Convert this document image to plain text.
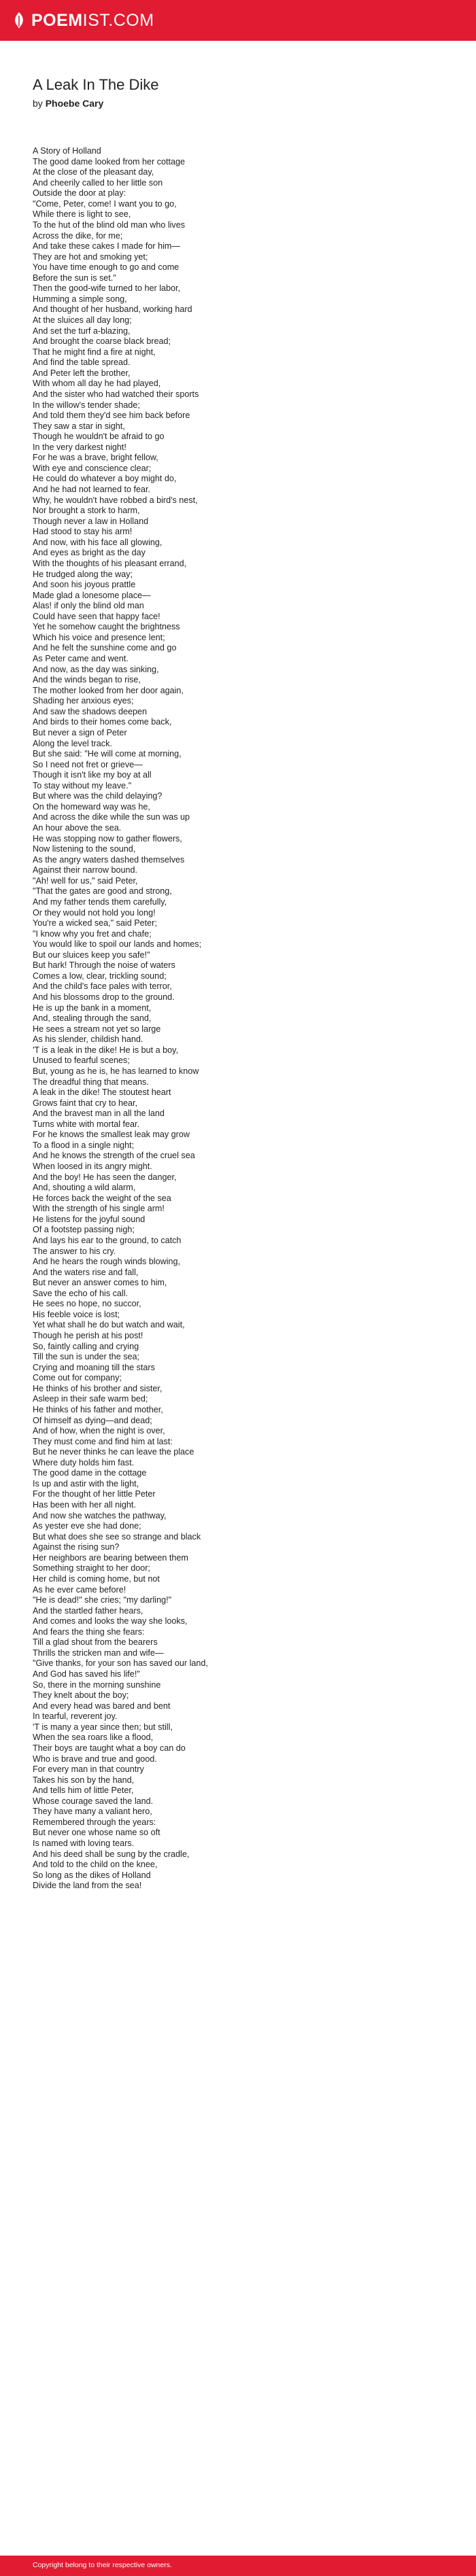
POEMIST.COM
A Leak In The Dike
by Phoebe Cary
A Story of Holland
The good dame looked from her cottage
At the close of the pleasant day,
And cheerily called to her little son
Outside the door at play:
"Come, Peter, come! I want you to go,
While there is light to see,
To the hut of the blind old man who lives
Across the dike, for me;
And take these cakes I made for him—
They are hot and smoking yet;
You have time enough to go and come
Before the sun is set."
Then the good-wife turned to her labor,
Humming a simple song,
And thought of her husband, working hard
At the sluices all day long;
And set the turf a-blazing,
And brought the coarse black bread;
That he might find a fire at night,
And find the table spread.
And Peter left the brother,
With whom all day he had played,
And the sister who had watched their sports
In the willow's tender shade;
And told them they'd see him back before
They saw a star in sight,
Though he wouldn't be afraid to go
In the very darkest night!
For he was a brave, bright fellow,
With eye and conscience clear;
He could do whatever a boy might do,
And he had not learned to fear.
Why, he wouldn't have robbed a bird's nest,
Nor brought a stork to harm,
Though never a law in Holland
Had stood to stay his arm!
And now, with his face all glowing,
And eyes as bright as the day
With the thoughts of his pleasant errand,
He trudged along the way;
And soon his joyous prattle
Made glad a lonesome place—
Alas! if only the blind old man
Could have seen that happy face!
Yet he somehow caught the brightness
Which his voice and presence lent;
And he felt the sunshine come and go
As Peter came and went.
And now, as the day was sinking,
And the winds began to rise,
The mother looked from her door again,
Shading her anxious eyes;
And saw the shadows deepen
And birds to their homes come back,
But never a sign of Peter
Along the level track.
But she said: "He will come at morning,
So I need not fret or grieve—
Though it isn't like my boy at all
To stay without my leave."
But where was the child delaying?
On the homeward way was he,
And across the dike while the sun was up
An hour above the sea.
He was stopping now to gather flowers,
Now listening to the sound,
As the angry waters dashed themselves
Against their narrow bound.
"Ah! well for us," said Peter,
"That the gates are good and strong,
And my father tends them carefully,
Or they would not hold you long!
You're a wicked sea," said Peter;
"I know why you fret and chafe;
You would like to spoil our lands and homes;
But our sluices keep you safe!"
But hark! Through the noise of waters
Comes a low, clear, trickling sound;
And the child's face pales with terror,
And his blossoms drop to the ground.
He is up the bank in a moment,
And, stealing through the sand,
He sees a stream not yet so large
As his slender, childish hand.
'T is a leak in the dike! He is but a boy,
Unused to fearful scenes;
But, young as he is, he has learned to know
The dreadful thing that means.
A leak in the dike! The stoutest heart
Grows faint that cry to hear,
And the bravest man in all the land
Turns white with mortal fear.
For he knows the smallest leak may grow
To a flood in a single night;
And he knows the strength of the cruel sea
When loosed in its angry might.
And the boy! He has seen the danger,
And, shouting a wild alarm,
He forces back the weight of the sea
With the strength of his single arm!
He listens for the joyful sound
Of a footstep passing nigh;
And lays his ear to the ground, to catch
The answer to his cry.
And he hears the rough winds blowing,
And the waters rise and fall,
But never an answer comes to him,
Save the echo of his call.
He sees no hope, no succor,
His feeble voice is lost;
Yet what shall he do but watch and wait,
Though he perish at his post!
So, faintly calling and crying
Till the sun is under the sea;
Crying and moaning till the stars
Come out for company;
He thinks of his brother and sister,
Asleep in their safe warm bed;
He thinks of his father and mother,
Of himself as dying—and dead;
And of how, when the night is over,
They must come and find him at last:
But he never thinks he can leave the place
Where duty holds him fast.
The good dame in the cottage
Is up and astir with the light,
For the thought of her little Peter
Has been with her all night.
And now she watches the pathway,
As yester eve she had done;
But what does she see so strange and black
Against the rising sun?
Her neighbors are bearing between them
Something straight to her door;
Her child is coming home, but not
As he ever came before!
"He is dead!" she cries; "my darling!"
And the startled father hears,
And comes and looks the way she looks,
And fears the thing she fears:
Till a glad shout from the bearers
Thrills the stricken man and wife—
"Give thanks, for your son has saved our land,
And God has saved his life!"
So, there in the morning sunshine
They knelt about the boy;
And every head was bared and bent
In tearful, reverent joy.
'T is many a year since then; but still,
When the sea roars like a flood,
Their boys are taught what a boy can do
Who is brave and true and good.
For every man in that country
Takes his son by the hand,
And tells him of little Peter,
Whose courage saved the land.
They have many a valiant hero,
Remembered through the years:
But never one whose name so oft
Is named with loving tears.
And his deed shall be sung by the cradle,
And told to the child on the knee,
So long as the dikes of Holland
Divide the land from the sea!
Copyright belong to their respective owners.
